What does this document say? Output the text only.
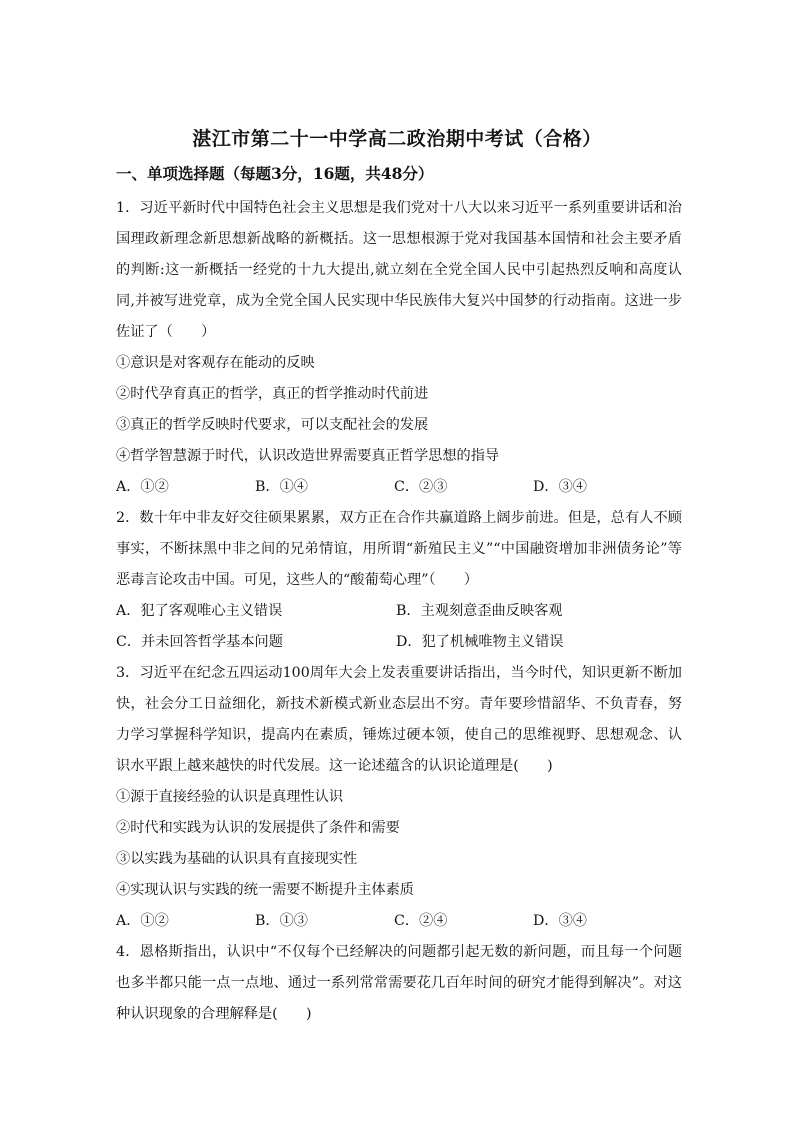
湛江市第二十一中学高二政治期中考试（合格）
一、单项选择题（每题3分，16题，共48分）

1．习近平新时代中国特色社会主义思想是我们党对十八大以来习近平一系列重要讲话和治国理政新理念新思想新战略的新概括。这一思想根源于党对我国基本国情和社会主要矛盾的判断:这一新概括一经党的十九大提出,就立刻在全党全国人民中引起热烈反响和高度认同,并被写进党章，成为全党全国人民实现中华民族伟大复兴中国梦的行动指南。这进一步佐证了（　　）

①意识是对客观存在能动的反映

②时代孕育真正的哲学，真正的哲学推动时代前进

③真正的哲学反映时代要求，可以支配社会的发展

④哲学智慧源于时代，认识改造世界需要真正哲学思想的指导

A．①②	B．①④	C．②③	D．③④

2．数十年中非友好交往硕果累累，双方正在合作共赢道路上阔步前进。但是，总有人不顾事实，不断抹黑中非之间的兄弟情谊，用所谓“新殖民主义”“中国融资增加非洲债务论”等恶毒言论攻击中国。可见，这些人的“酸葡萄心理”（　　）

A．犯了客观唯心主义错误	B．主观刻意歪曲反映客观
C．并未回答哲学基本问题	D．犯了机械唯物主义错误

3．习近平在纪念五四运动100周年大会上发表重要讲话指出，当今时代，知识更新不断加快，社会分工日益细化，新技术新模式新业态层出不穷。青年要珍惜韶华、不负青春，努力学习掌握科学知识，提高内在素质，锤炼过硬本领，使自己的思维视野、思想观念、认识水平跟上越来越快的时代发展。这一论述蕴含的认识论道理是(　　)

①源于直接经验的认识是真理性认识

②时代和实践为认识的发展提供了条件和需要

③以实践为基础的认识具有直接现实性

④实现认识与实践的统一需要不断提升主体素质

A．①②	B．①③	C．②④	D．③④

4．恩格斯指出，认识中“不仅每个已经解决的问题都引起无数的新问题，而且每一个问题也多半都只能一点一点地、通过一系列常常需要花几百年时间的研究才能得到解决”。对这种认识现象的合理解释是(　　)
